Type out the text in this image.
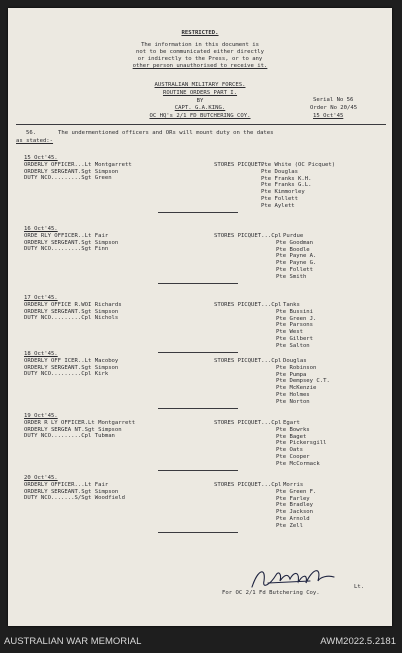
RESTRICTED.
The information in this document is
not to be communicated either directly
or indirectly to the Press, or to any
other person unauthorised to receive it.
AUSTRALIAN MILITARY FORCES.
ROUTINE ORDERS PART I.
BY
CAPT. G.A.KING.
OC HQ's 2/1 FD BUTCHERING COY.
Serial No 56
Order No 20/45
15 Oct'45
56.	The undermentioned officers and ORs will mount duty on the dates
as stated:-
15 Oct'45.
ORDERLY OFFICER...Lt Montgarrett
ORDERLY SERGEANT.Sgt Simpson
DUTY NCO.........Sgt Green
STORES PICQUET..
Pte White (OC Picquet)
Pte Douglas
Pte Franks K.H.
Pte Franks G.L.
Pte Kimmorley
Pte Follett
Pte Aylett
16 Oct'45.
ORDE RLY OFFICER..Lt Fair
ORDERLY SERGEANT.Sgt Simpson
DUTY NCO.........Sgt Finn
STORES PICQUET...Cpl Purdue
Pte Goodman
Pte Boodle
Pte Payne A.
Pte Payne G.
Pte Follett
Pte Smith
17 Oct'45.
ORDERLY OFFICE R.WOI Richards
ORDERLY SERGEANT.Sgt Simpson
DUTY NCO.........Cpl Nichols
STORES PICQUET...Cpl Tanks
Pte Bussini
Pte Green J.
Pte Parsons
Pte West
Pte Gilbert
Pte Salton
18 Oct'45.
ORDERLY OFF ICER..Lt Macoboy
ORDERLY SERGEANT.Sgt Simpson
DUTY NCO.........Cpl Kirk
STORES PICQUET...Cpl Douglas
Pte Robinson
Pte Pumpa
Pte Dempsey C.T.
Pte McKenzie
Pte Holmes
Pte Norton
19 Oct'45.
ORDER R LY OFFICER.Lt Montgarrett
ORDERLY SERGEA NT.Sgt Simpson
DUTY NCO.........Cpl Tubman
STORES PICQUET...Cpl Egart
Pte Bowrks
Pte Baget
Pte Pickersgill
Pte Oats
Pte Cooper
Pte McCormack
20 Oct'45.
ORDERLY OFFICER...Lt Fair
ORDERLY SERGEANT.Sgt Simpson
DUTY NCO.......S/Sgt Woodfield
STORES PICQUET...Cpl Morris
Pte Green F.
Pte Farley
Pte Bradley
Pte Jackson
Pte Arnold
Pte Zell
Lt.
For OC 2/1 Fd Butchering Coy.
AUSTRALIAN WAR MEMORIAL	AWM2022.5.2181
